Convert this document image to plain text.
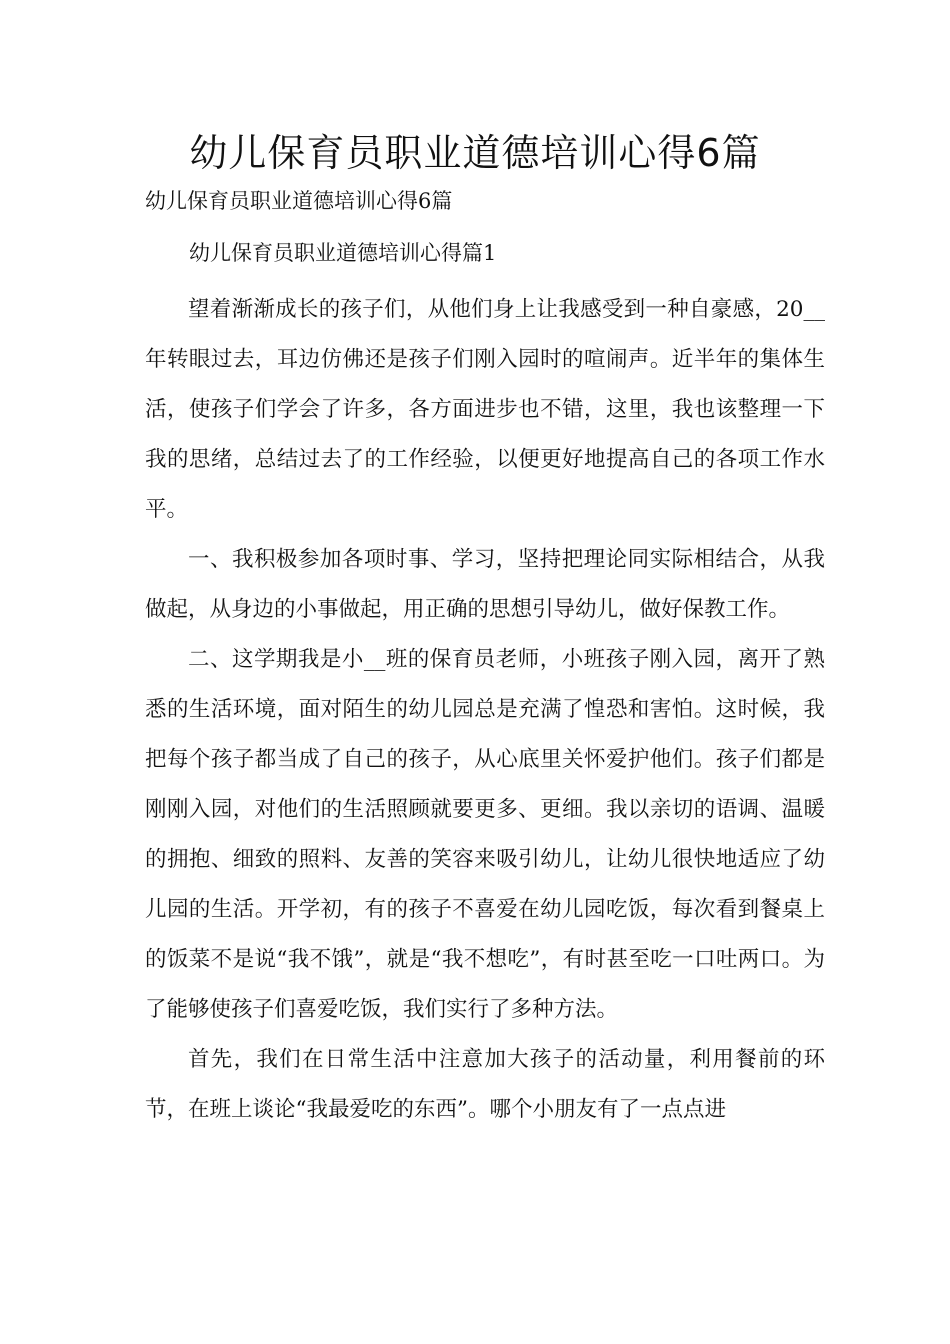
幼儿保育员职业道德培训心得6篇
幼儿保育员职业道德培训心得6篇
幼儿保育员职业道德培训心得篇1

望着渐渐成长的孩子们，从他们身上让我感受到一种自豪感，20__年转眼过去，耳边仿佛还是孩子们刚入园时的喧闹声。近半年的集体生活，使孩子们学会了许多，各方面进步也不错，这里，我也该整理一下我的思绪，总结过去了的工作经验，以便更好地提高自己的各项工作水平。

一、我积极参加各项时事、学习，坚持把理论同实际相结合，从我做起，从身边的小事做起，用正确的思想引导幼儿，做好保教工作。

二、这学期我是小__班的保育员老师，小班孩子刚入园，离开了熟悉的生活环境，面对陌生的幼儿园总是充满了惶恐和害怕。这时候，我把每个孩子都当成了自己的孩子，从心底里关怀爱护他们。孩子们都是刚刚入园，对他们的生活照顾就要更多、更细。我以亲切的语调、温暖的拥抱、细致的照料、友善的笑容来吸引幼儿，让幼儿很快地适应了幼儿园的生活。开学初，有的孩子不喜爱在幼儿园吃饭，每次看到餐桌上的饭菜不是说“我不饿”，就是“我不想吃”，有时甚至吃一口吐两口。为了能够使孩子们喜爱吃饭，我们实行了多种方法。

首先，我们在日常生活中注意加大孩子的活动量，利用餐前的环节，在班上谈论“我最爱吃的东西”。哪个小朋友有了一点点进
